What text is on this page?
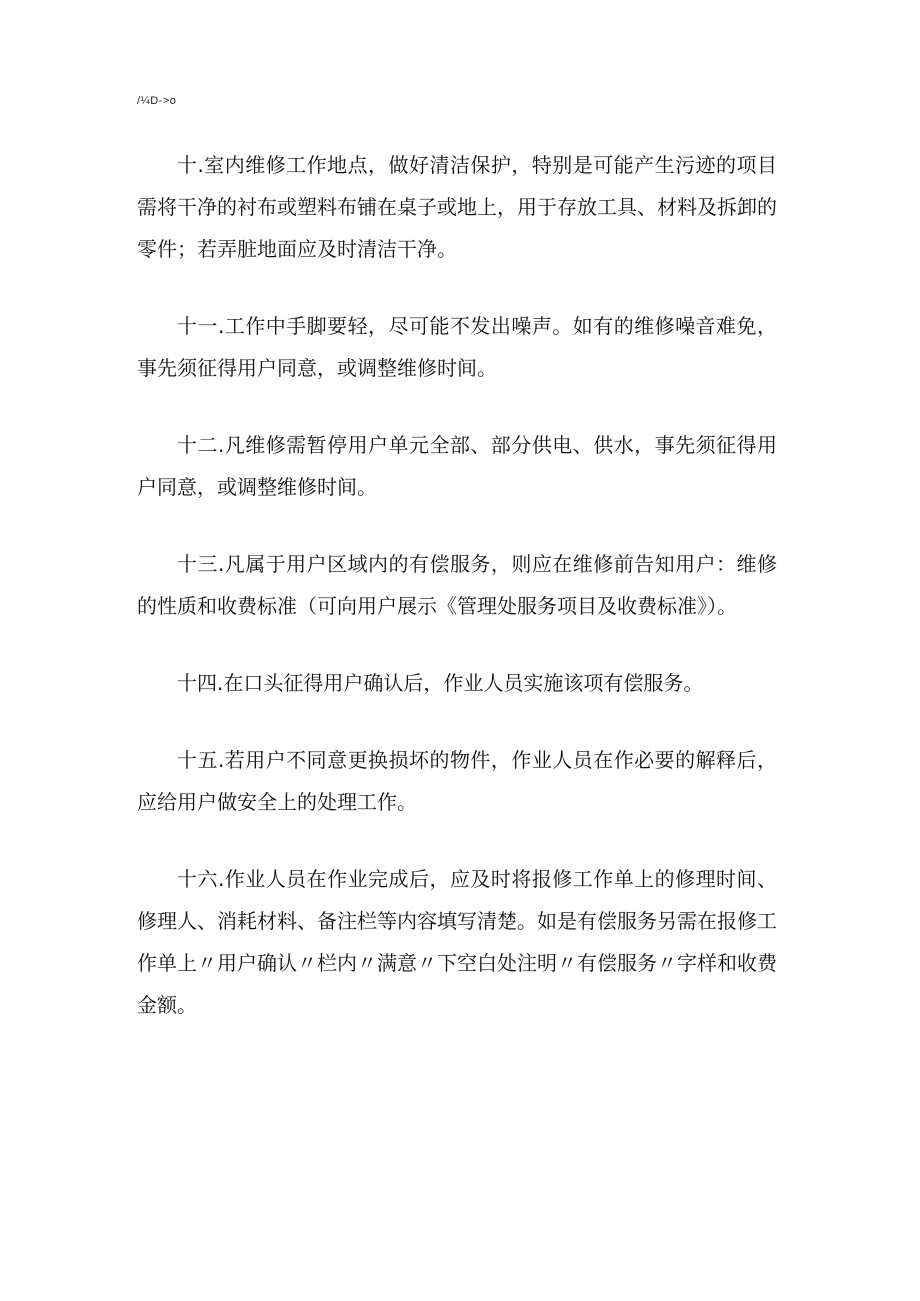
/¼D->o

十.室内维修工作地点，做好清洁保护，特别是可能产生污迹的项目需将干净的衬布或塑料布铺在桌子或地上，用于存放工具、材料及拆卸的零件；若弄脏地面应及时清洁干净。

十一.工作中手脚要轻，尽可能不发出噪声。如有的维修噪音难免，事先须征得用户同意，或调整维修时间。

十二.凡维修需暂停用户单元全部、部分供电、供水，事先须征得用户同意，或调整维修时间。

十三.凡属于用户区域内的有偿服务，则应在维修前告知用户：维修的性质和收费标准（可向用户展示《管理处服务项目及收费标准》）。

十四.在口头征得用户确认后，作业人员实施该项有偿服务。

十五.若用户不同意更换损坏的物件，作业人员在作必要的解释后，应给用户做安全上的处理工作。

十六.作业人员在作业完成后，应及时将报修工作单上的修理时间、修理人、消耗材料、备注栏等内容填写清楚。如是有偿服务另需在报修工作单上〃用户确认〃栏内〃满意〃下空白处注明〃有偿服务〃字样和收费金额。
